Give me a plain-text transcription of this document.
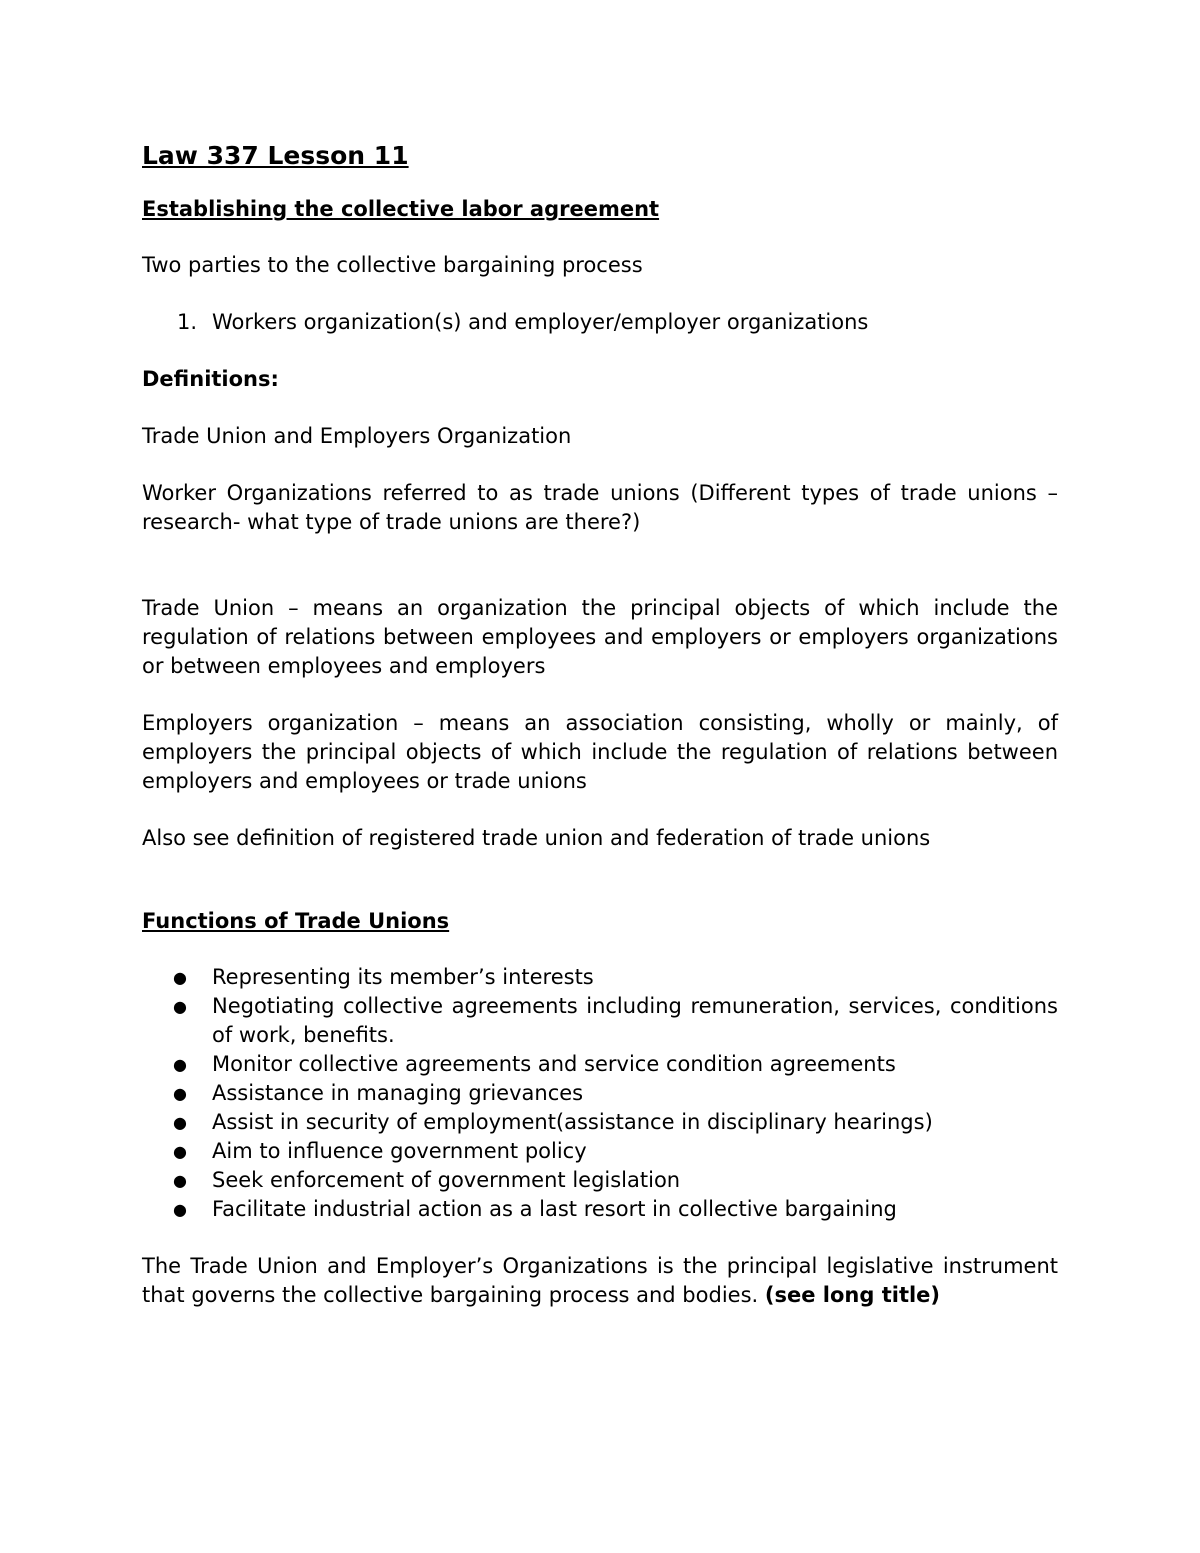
Law 337 Lesson 11
Establishing the collective labor agreement

Two parties to the collective bargaining process

1. Workers organization(s) and employer/employer organizations
Definitions:

Trade Union and Employers Organization

Worker Organizations referred to as trade unions (Different types of trade unions – research- what type of trade unions are there?)

Trade Union – means an organization the principal objects of which include the regulation of relations between employees and employers or employers organizations or between employees and employers

Employers organization – means an association consisting, wholly or mainly, of employers the principal objects of which include the regulation of relations between employers and employees or trade unions

Also see definition of registered trade union and federation of trade unions

Functions of Trade Unions
● Representing its member’s interests
● Negotiating collective agreements including remuneration, services, conditions of work, benefits.
● Monitor collective agreements and service condition agreements
● Assistance in managing grievances
● Assist in security of employment(assistance in disciplinary hearings)
● Aim to influence government policy
● Seek enforcement of government legislation
● Facilitate industrial action as a last resort in collective bargaining

The Trade Union and Employer’s Organizations is the principal legislative instrument that governs the collective bargaining process and bodies. (see long title)
